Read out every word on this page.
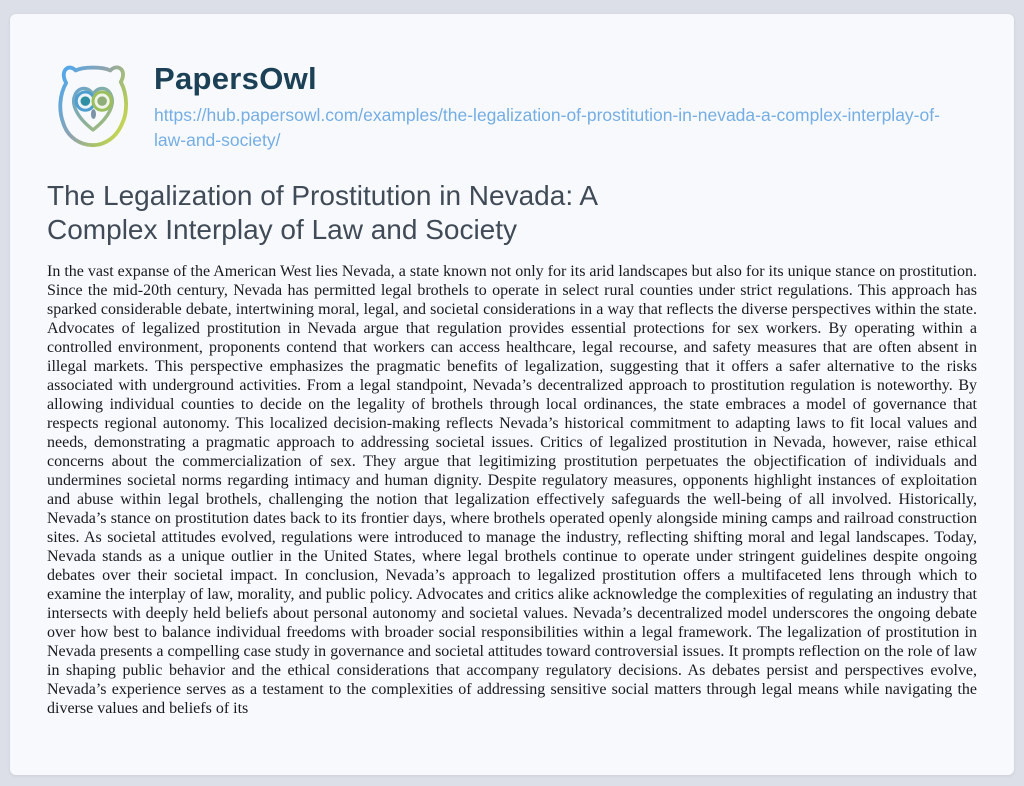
PapersOwl
https://hub.papersowl.com/examples/the-legalization-of-prostitution-in-nevada-a-complex-interplay-of-law-and-society/
The Legalization of Prostitution in Nevada: A Complex Interplay of Law and Society

In the vast expanse of the American West lies Nevada, a state known not only for its arid landscapes but also for its unique stance on prostitution. Since the mid-20th century, Nevada has permitted legal brothels to operate in select rural counties under strict regulations. This approach has sparked considerable debate, intertwining moral, legal, and societal considerations in a way that reflects the diverse perspectives within the state. Advocates of legalized prostitution in Nevada argue that regulation provides essential protections for sex workers. By operating within a controlled environment, proponents contend that workers can access healthcare, legal recourse, and safety measures that are often absent in illegal markets. This perspective emphasizes the pragmatic benefits of legalization, suggesting that it offers a safer alternative to the risks associated with underground activities. From a legal standpoint, Nevada’s decentralized approach to prostitution regulation is noteworthy. By allowing individual counties to decide on the legality of brothels through local ordinances, the state embraces a model of governance that respects regional autonomy. This localized decision-making reflects Nevada’s historical commitment to adapting laws to fit local values and needs, demonstrating a pragmatic approach to addressing societal issues. Critics of legalized prostitution in Nevada, however, raise ethical concerns about the commercialization of sex. They argue that legitimizing prostitution perpetuates the objectification of individuals and undermines societal norms regarding intimacy and human dignity. Despite regulatory measures, opponents highlight instances of exploitation and abuse within legal brothels, challenging the notion that legalization effectively safeguards the well-being of all involved. Historically, Nevada’s stance on prostitution dates back to its frontier days, where brothels operated openly alongside mining camps and railroad construction sites. As societal attitudes evolved, regulations were introduced to manage the industry, reflecting shifting moral and legal landscapes. Today, Nevada stands as a unique outlier in the United States, where legal brothels continue to operate under stringent guidelines despite ongoing debates over their societal impact. In conclusion, Nevada’s approach to legalized prostitution offers a multifaceted lens through which to examine the interplay of law, morality, and public policy. Advocates and critics alike acknowledge the complexities of regulating an industry that intersects with deeply held beliefs about personal autonomy and societal values. Nevada’s decentralized model underscores the ongoing debate over how best to balance individual freedoms with broader social responsibilities within a legal framework. The legalization of prostitution in Nevada presents a compelling case study in governance and societal attitudes toward controversial issues. It prompts reflection on the role of law in shaping public behavior and the ethical considerations that accompany regulatory decisions. As debates persist and perspectives evolve, Nevada’s experience serves as a testament to the complexities of addressing sensitive social matters through legal means while navigating the diverse values and beliefs of its
